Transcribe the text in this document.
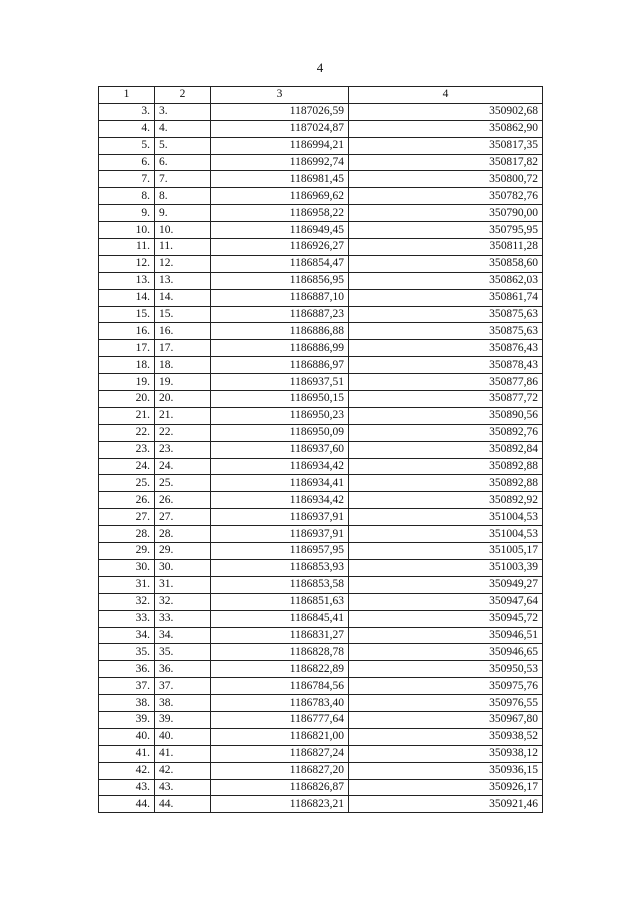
4
1	2	3	4
3.	3.	1187026,59	350902,68
4.	4.	1187024,87	350862,90
5.	5.	1186994,21	350817,35
6.	6.	1186992,74	350817,82
7.	7.	1186981,45	350800,72
8.	8.	1186969,62	350782,76
9.	9.	1186958,22	350790,00
10.	10.	1186949,45	350795,95
11.	11.	1186926,27	350811,28
12.	12.	1186854,47	350858,60
13.	13.	1186856,95	350862,03
14.	14.	1186887,10	350861,74
15.	15.	1186887,23	350875,63
16.	16.	1186886,88	350875,63
17.	17.	1186886,99	350876,43
18.	18.	1186886,97	350878,43
19.	19.	1186937,51	350877,86
20.	20.	1186950,15	350877,72
21.	21.	1186950,23	350890,56
22.	22.	1186950,09	350892,76
23.	23.	1186937,60	350892,84
24.	24.	1186934,42	350892,88
25.	25.	1186934,41	350892,88
26.	26.	1186934,42	350892,92
27.	27.	1186937,91	351004,53
28.	28.	1186937,91	351004,53
29.	29.	1186957,95	351005,17
30.	30.	1186853,93	351003,39
31.	31.	1186853,58	350949,27
32.	32.	1186851,63	350947,64
33.	33.	1186845,41	350945,72
34.	34.	1186831,27	350946,51
35.	35.	1186828,78	350946,65
36.	36.	1186822,89	350950,53
37.	37.	1186784,56	350975,76
38.	38.	1186783,40	350976,55
39.	39.	1186777,64	350967,80
40.	40.	1186821,00	350938,52
41.	41.	1186827,24	350938,12
42.	42.	1186827,20	350936,15
43.	43.	1186826,87	350926,17
44.	44.	1186823,21	350921,46
